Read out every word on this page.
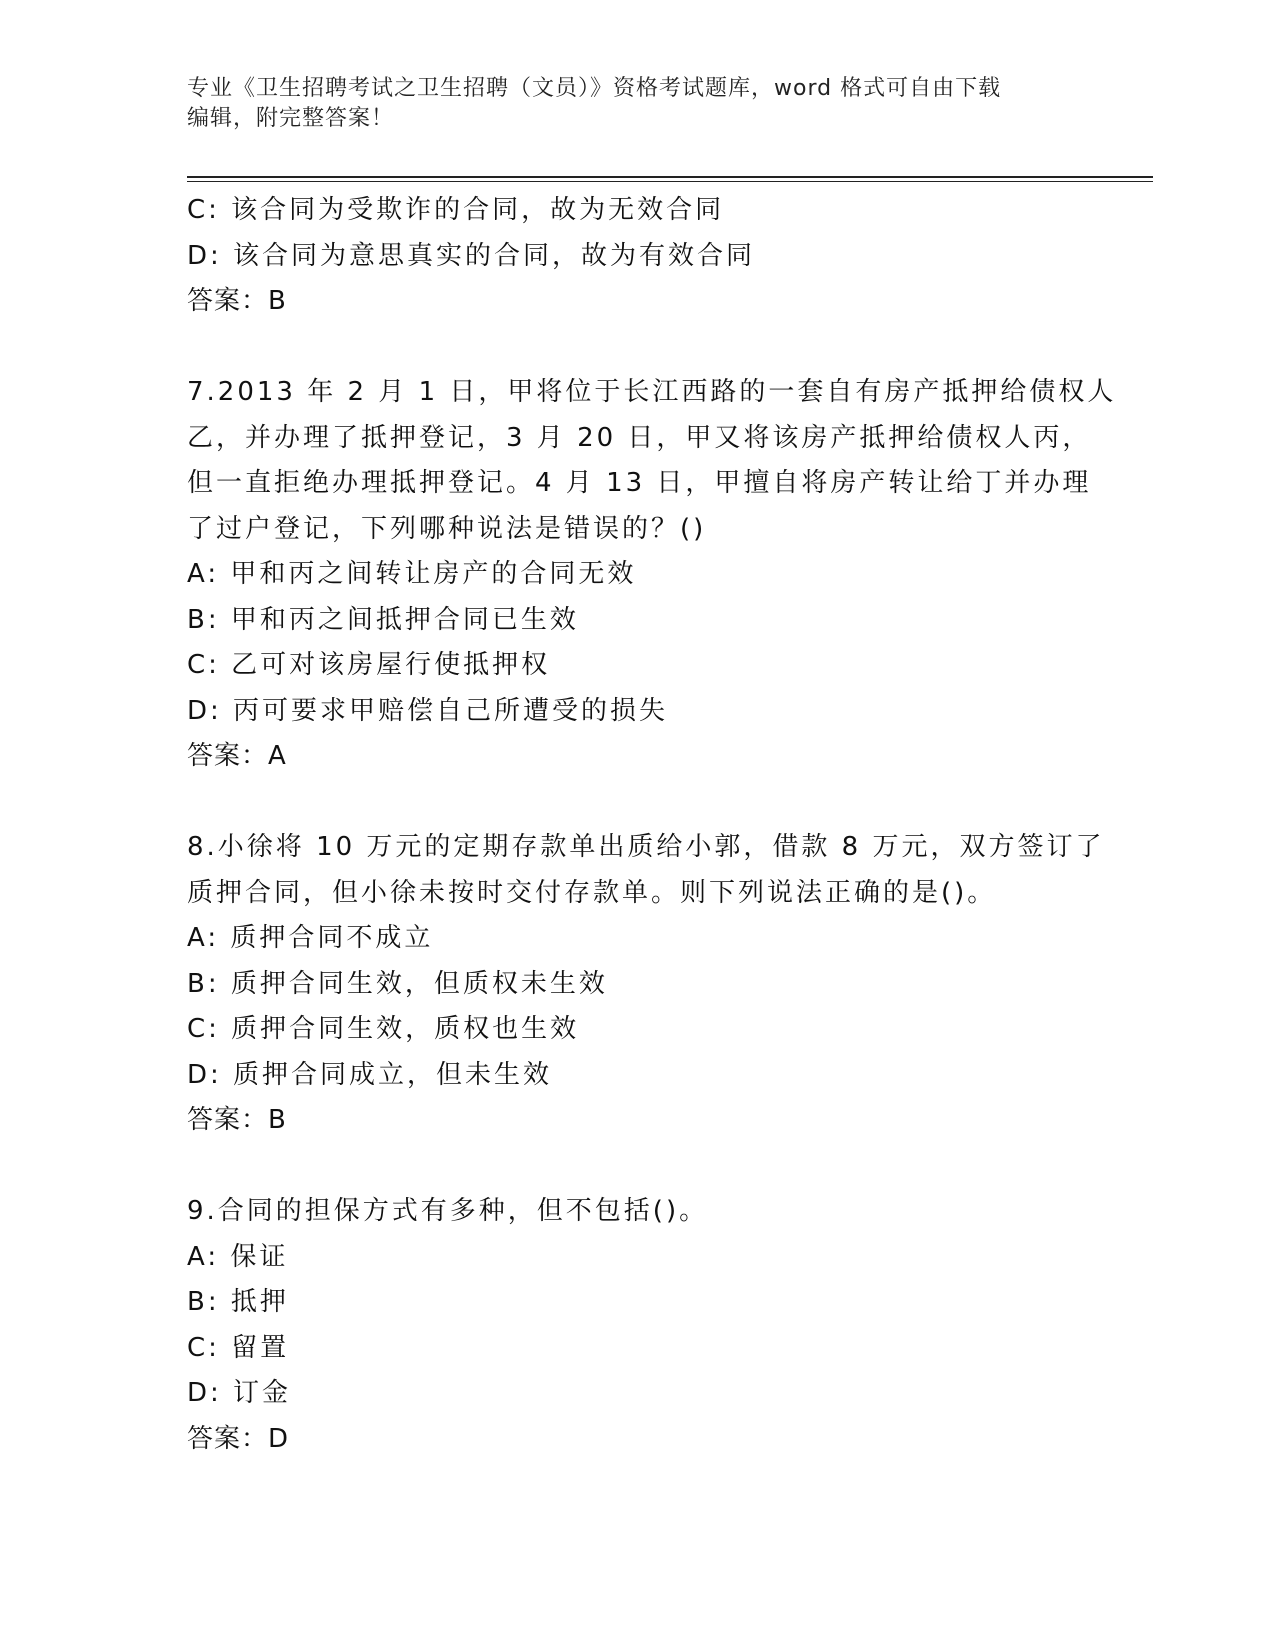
专业《卫生招聘考试之卫生招聘（文员）》资格考试题库，word 格式可自由下载
编辑，附完整答案！
C: 该合同为受欺诈的合同，故为无效合同
D: 该合同为意思真实的合同，故为有效合同
答案：B
7.2013 年 2 月 1 日，甲将位于长江西路的一套自有房产抵押给债权人
乙，并办理了抵押登记，3 月 20 日，甲又将该房产抵押给债权人丙，
但一直拒绝办理抵押登记。4 月 13 日，甲擅自将房产转让给丁并办理
了过户登记，下列哪种说法是错误的？()
A: 甲和丙之间转让房产的合同无效
B: 甲和丙之间抵押合同已生效
C: 乙可对该房屋行使抵押权
D: 丙可要求甲赔偿自己所遭受的损失
答案：A
8.小徐将 10 万元的定期存款单出质给小郭，借款 8 万元，双方签订了
质押合同，但小徐未按时交付存款单。则下列说法正确的是()。
A: 质押合同不成立
B: 质押合同生效，但质权未生效
C: 质押合同生效，质权也生效
D: 质押合同成立，但未生效
答案：B
9.合同的担保方式有多种，但不包括()。
A: 保证
B: 抵押
C: 留置
D: 订金
答案：D
